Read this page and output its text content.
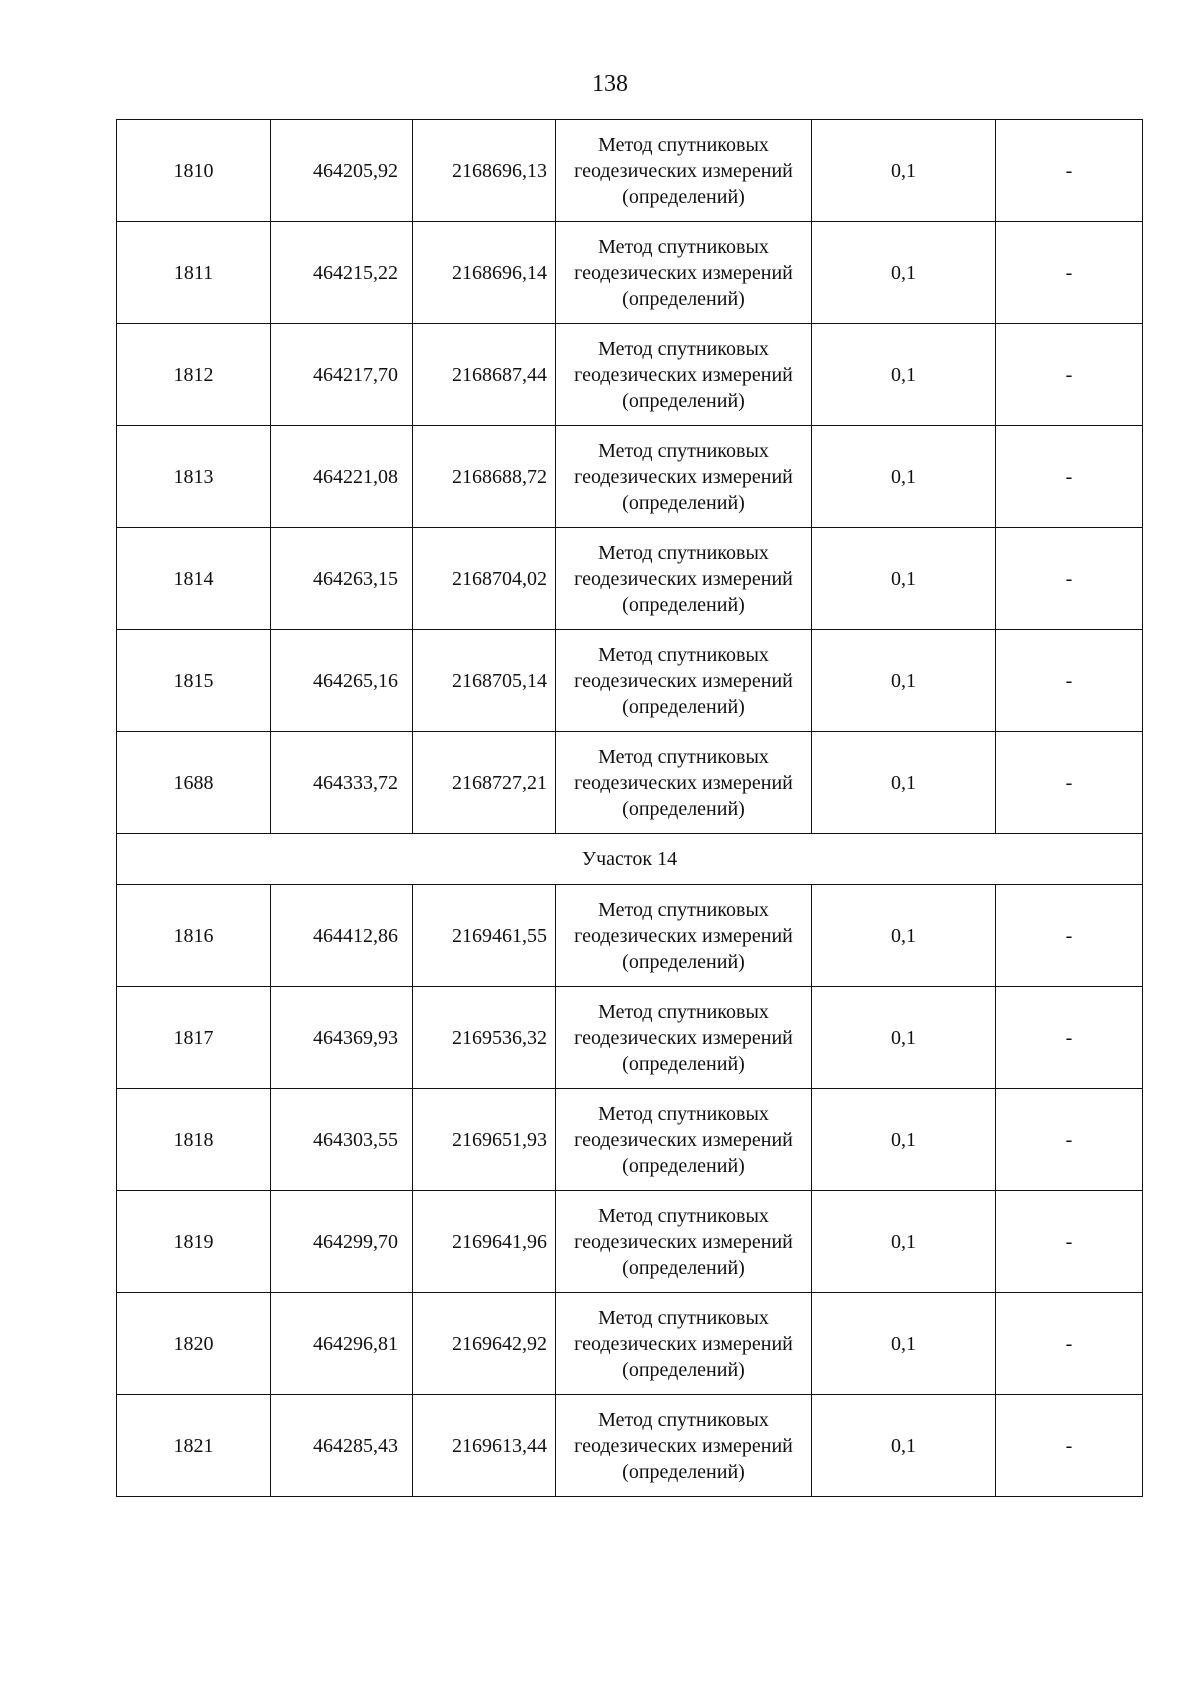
138
1810	464205,92	2168696,13	Метод спутниковых
геодезических измерений
(определений)	0,1	-
1811	464215,22	2168696,14	Метод спутниковых
геодезических измерений
(определений)	0,1	-
1812	464217,70	2168687,44	Метод спутниковых
геодезических измерений
(определений)	0,1	-
1813	464221,08	2168688,72	Метод спутниковых
геодезических измерений
(определений)	0,1	-
1814	464263,15	2168704,02	Метод спутниковых
геодезических измерений
(определений)	0,1	-
1815	464265,16	2168705,14	Метод спутниковых
геодезических измерений
(определений)	0,1	-
1688	464333,72	2168727,21	Метод спутниковых
геодезических измерений
(определений)	0,1	-
Участок 14					
1816	464412,86	2169461,55	Метод спутниковых
геодезических измерений
(определений)	0,1	-
1817	464369,93	2169536,32	Метод спутниковых
геодезических измерений
(определений)	0,1	-
1818	464303,55	2169651,93	Метод спутниковых
геодезических измерений
(определений)	0,1	-
1819	464299,70	2169641,96	Метод спутниковых
геодезических измерений
(определений)	0,1	-
1820	464296,81	2169642,92	Метод спутниковых
геодезических измерений
(определений)	0,1	-
1821	464285,43	2169613,44	Метод спутниковых
геодезических измерений
(определений)	0,1	-
